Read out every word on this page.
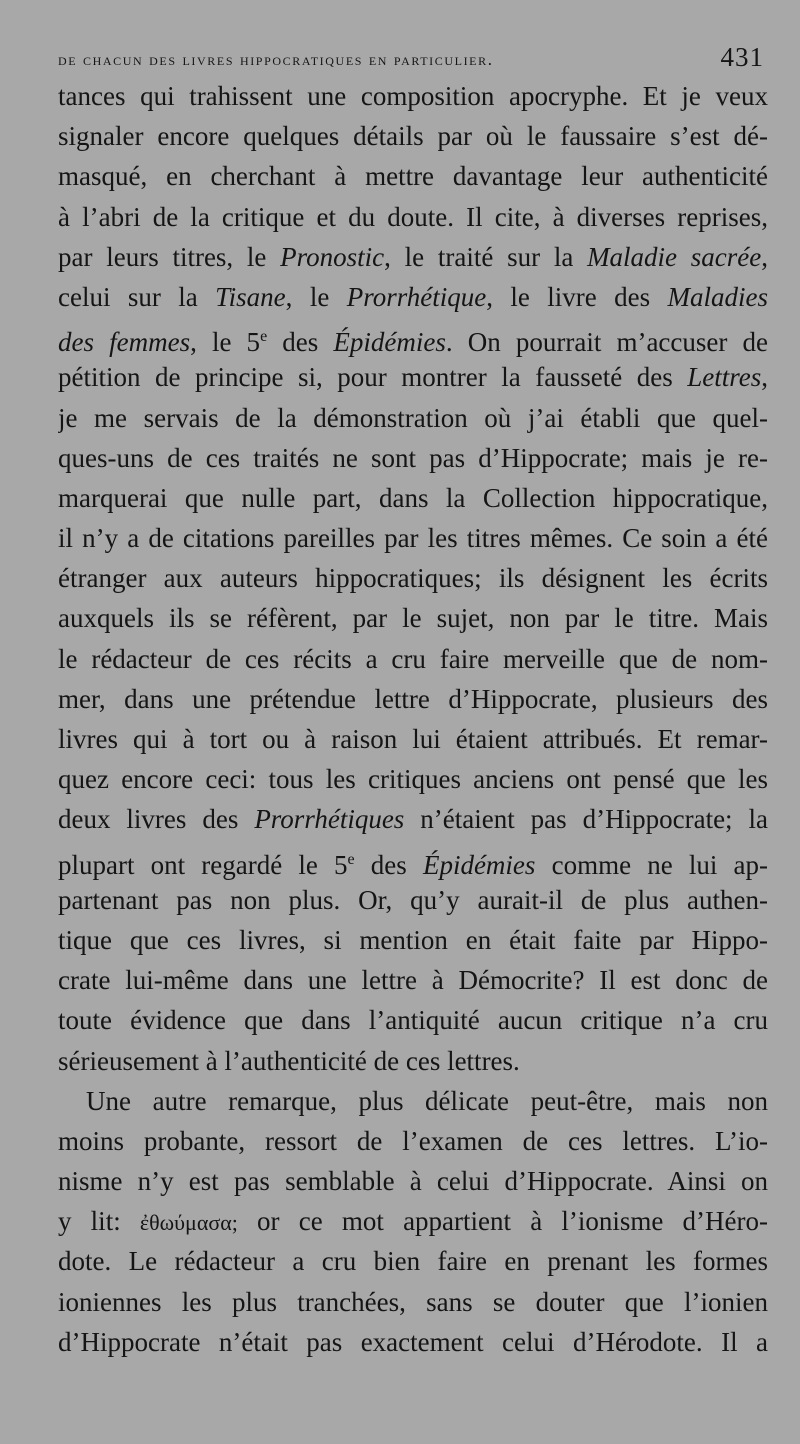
de chacun des livres hippocratiques en particulier.	431
tances qui trahissent une composition apocryphe. Et je veux
signaler encore quelques détails par où le faussaire s’est dé-
masqué, en cherchant à mettre davantage leur authenticité
à l’abri de la critique et du doute. Il cite, à diverses reprises,
par leurs titres, le Pronostic, le traité sur la Maladie sacrée,
celui sur la Tisane, le Prorrhétique, le livre des Maladies
des femmes, le 5e des Épidémies. On pourrait m’accuser de
pétition de principe si, pour montrer la fausseté des Lettres,
je me servais de la démonstration où j’ai établi que quel-
ques-uns de ces traités ne sont pas d’Hippocrate; mais je re-
marquerai que nulle part, dans la Collection hippocratique,
il n’y a de citations pareilles par les titres mêmes. Ce soin a été
étranger aux auteurs hippocratiques; ils désignent les écrits
auxquels ils se réfèrent, par le sujet, non par le titre. Mais
le rédacteur de ces récits a cru faire merveille que de nom-
mer, dans une prétendue lettre d’Hippocrate, plusieurs des
livres qui à tort ou à raison lui étaient attribués. Et remar-
quez encore ceci: tous les critiques anciens ont pensé que les
deux livres des Prorrhétiques n’étaient pas d’Hippocrate; la
plupart ont regardé le 5e des Épidémies comme ne lui ap-
partenant pas non plus. Or, qu’y aurait-il de plus authen-
tique que ces livres, si mention en était faite par Hippo-
crate lui-même dans une lettre à Démocrite? Il est donc de
toute évidence que dans l’antiquité aucun critique n’a cru
sérieusement à l’authenticité de ces lettres.
Une autre remarque, plus délicate peut-être, mais non
moins probante, ressort de l’examen de ces lettres. L’io-
nisme n’y est pas semblable à celui d’Hippocrate. Ainsi on
y lit: ἐθωύμασα; or ce mot appartient à l’ionisme d’Héro-
dote. Le rédacteur a cru bien faire en prenant les formes
ioniennes les plus tranchées, sans se douter que l’ionien
d’Hippocrate n’était pas exactement celui d’Hérodote. Il a
